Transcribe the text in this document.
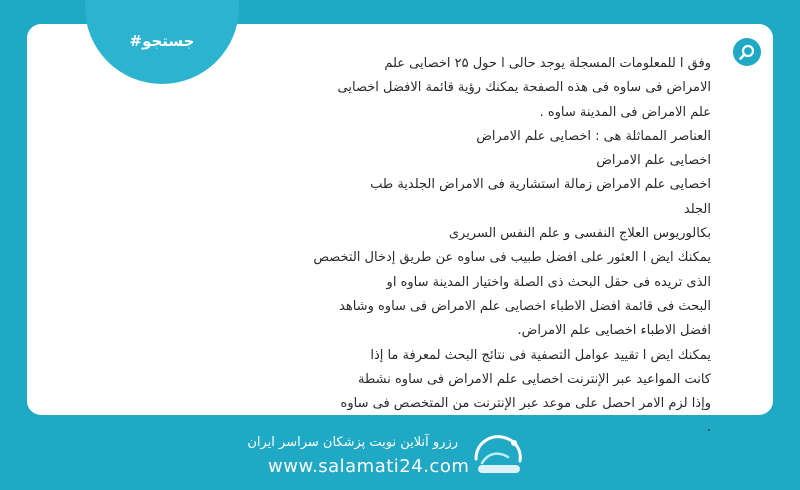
#جستجو
وفق ا للمعلومات المسجلة يوجد حالی ا حول ۲۵ اخصایی علم
الامراض فی ساوه فی هذه الصفحة يمكنك رؤية قائمة الافضل اخصایی
علم الامراض فی المدينة ساوه .
العناصر المماثلة هی : اخصایی علم الامراض
اخصایی علم الامراض
اخصایی علم الامراض زمالة استشارية فی الامراض الجلدية طب
الجلد
بكالوريوس العلاج النفسی و علم النفس السريری
يمكنك ايض ا العثور علی افضل طبيب فی ساوه عن طريق إدخال التخصص
الذی تريده فی حقل البحث ذی الصلة واختيار المدينة ساوه او
البحث فی قائمة افضل الاطباء اخصایی علم الامراض فی ساوه وشاهد
افضل الاطباء اخصایی علم الامراض.
يمكنك ايض ا تقييد عوامل التصفية فی نتائج البحث لمعرفة ما إذا
كانت المواعيد عبر الإنترنت اخصایی علم الامراض فی ساوه نشطة
وإذا لزم الامر احصل علی موعد عبر الإنترنت من المتخصص فی ساوه
.
رزرو آنلاین نوبت پزشکان سراسر ایران
www.salamati24.com
